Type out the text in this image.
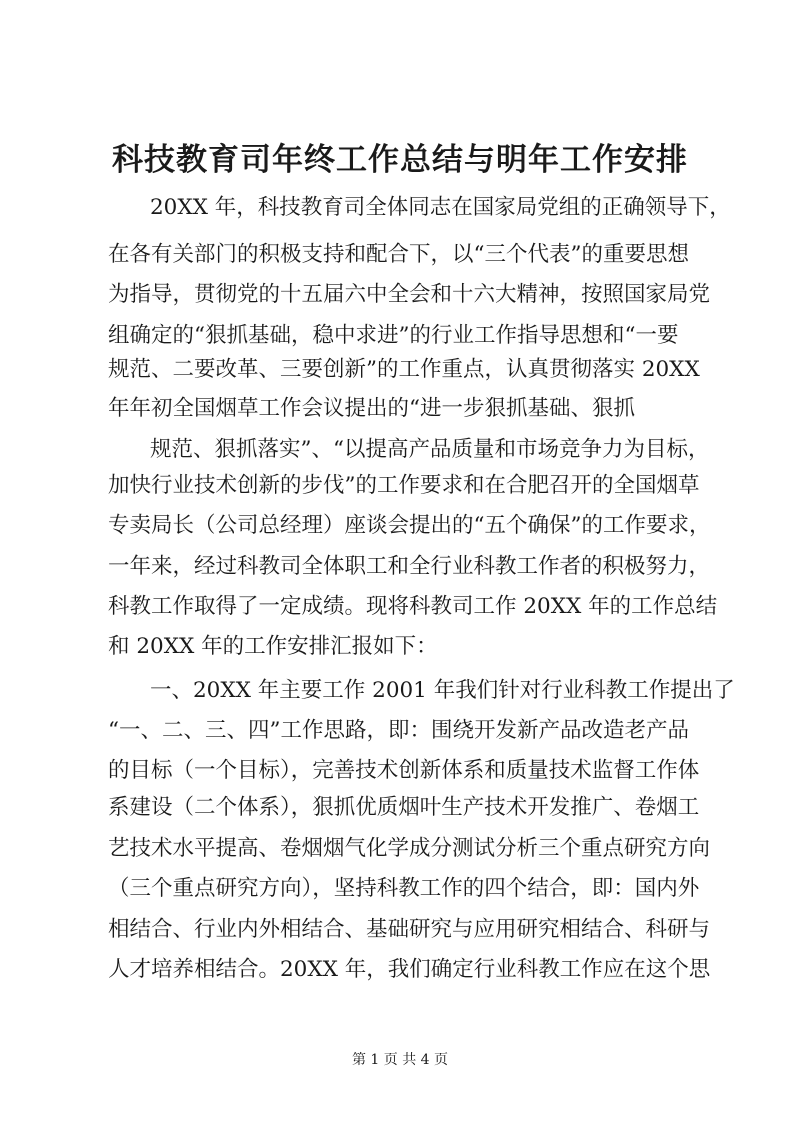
科技教育司年终工作总结与明年工作安排

20XX 年，科技教育司全体同志在国家局党组的正确领导下，

在各有关部门的积极支持和配合下，以“三个代表”的重要思想

为指导，贯彻党的十五届六中全会和十六大精神，按照国家局党

组确定的“狠抓基础，稳中求进”的行业工作指导思想和“一要

规范、二要改革、三要创新”的工作重点，认真贯彻落实 20XX

年年初全国烟草工作会议提出的“进一步狠抓基础、狠抓

规范、狠抓落实”、“以提高产品质量和市场竞争力为目标，

加快行业技术创新的步伐”的工作要求和在合肥召开的全国烟草

专卖局长（公司总经理）座谈会提出的“五个确保”的工作要求，

一年来，经过科教司全体职工和全行业科教工作者的积极努力，

科教工作取得了一定成绩。现将科教司工作 20XX 年的工作总结

和 20XX 年的工作安排汇报如下：

一、20XX 年主要工作 2001 年我们针对行业科教工作提出了

“一、二、三、四”工作思路，即：围绕开发新产品改造老产品

的目标（一个目标），完善技术创新体系和质量技术监督工作体

系建设（二个体系），狠抓优质烟叶生产技术开发推广、卷烟工

艺技术水平提高、卷烟烟气化学成分测试分析三个重点研究方向

（三个重点研究方向），坚持科教工作的四个结合，即：国内外

相结合、行业内外相结合、基础研究与应用研究相结合、科研与

人才培养相结合。20XX 年，我们确定行业科教工作应在这个思

第 1 页 共 4 页
